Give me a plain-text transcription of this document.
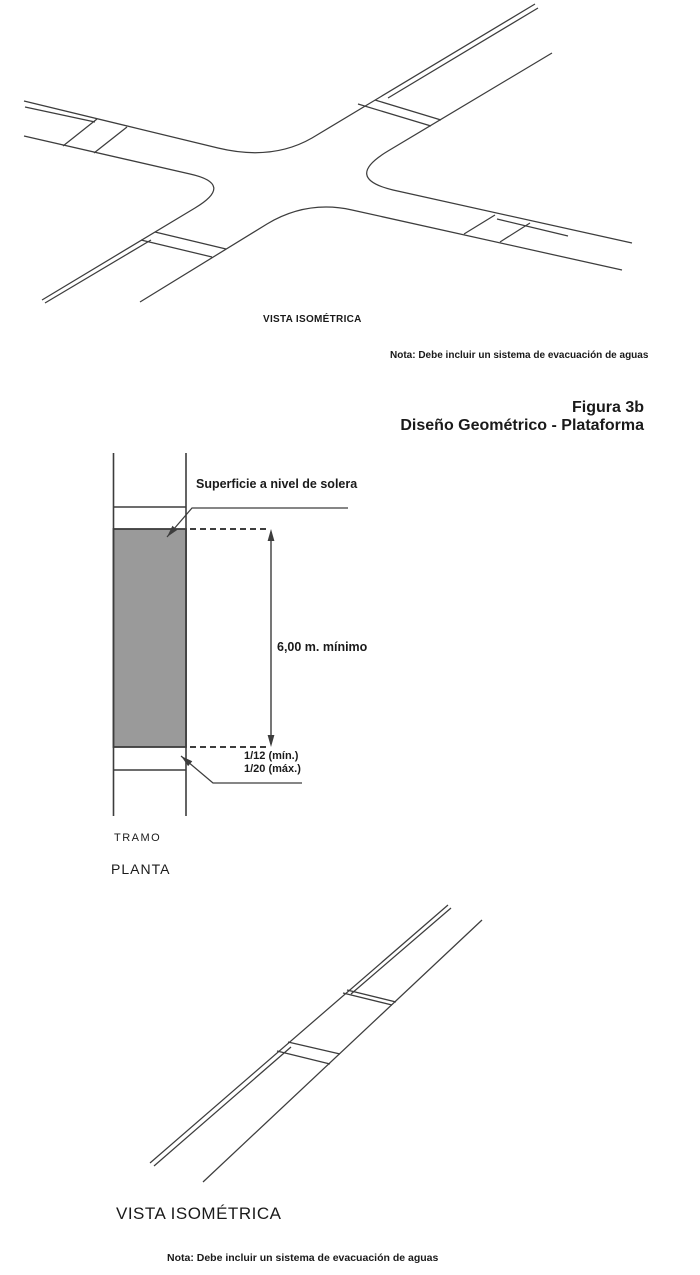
VISTA ISOMÉTRICA
Nota: Debe incluir un sistema de evacuación de aguas
Figura 3b
Diseño Geométrico - Plataforma
Superficie a nivel de solera
6,00 m. mínimo
1/12 (mín.)
1/20 (máx.)
TRAMO
PLANTA
VISTA ISOMÉTRICA
Nota: Debe incluir un sistema de evacuación de aguas
